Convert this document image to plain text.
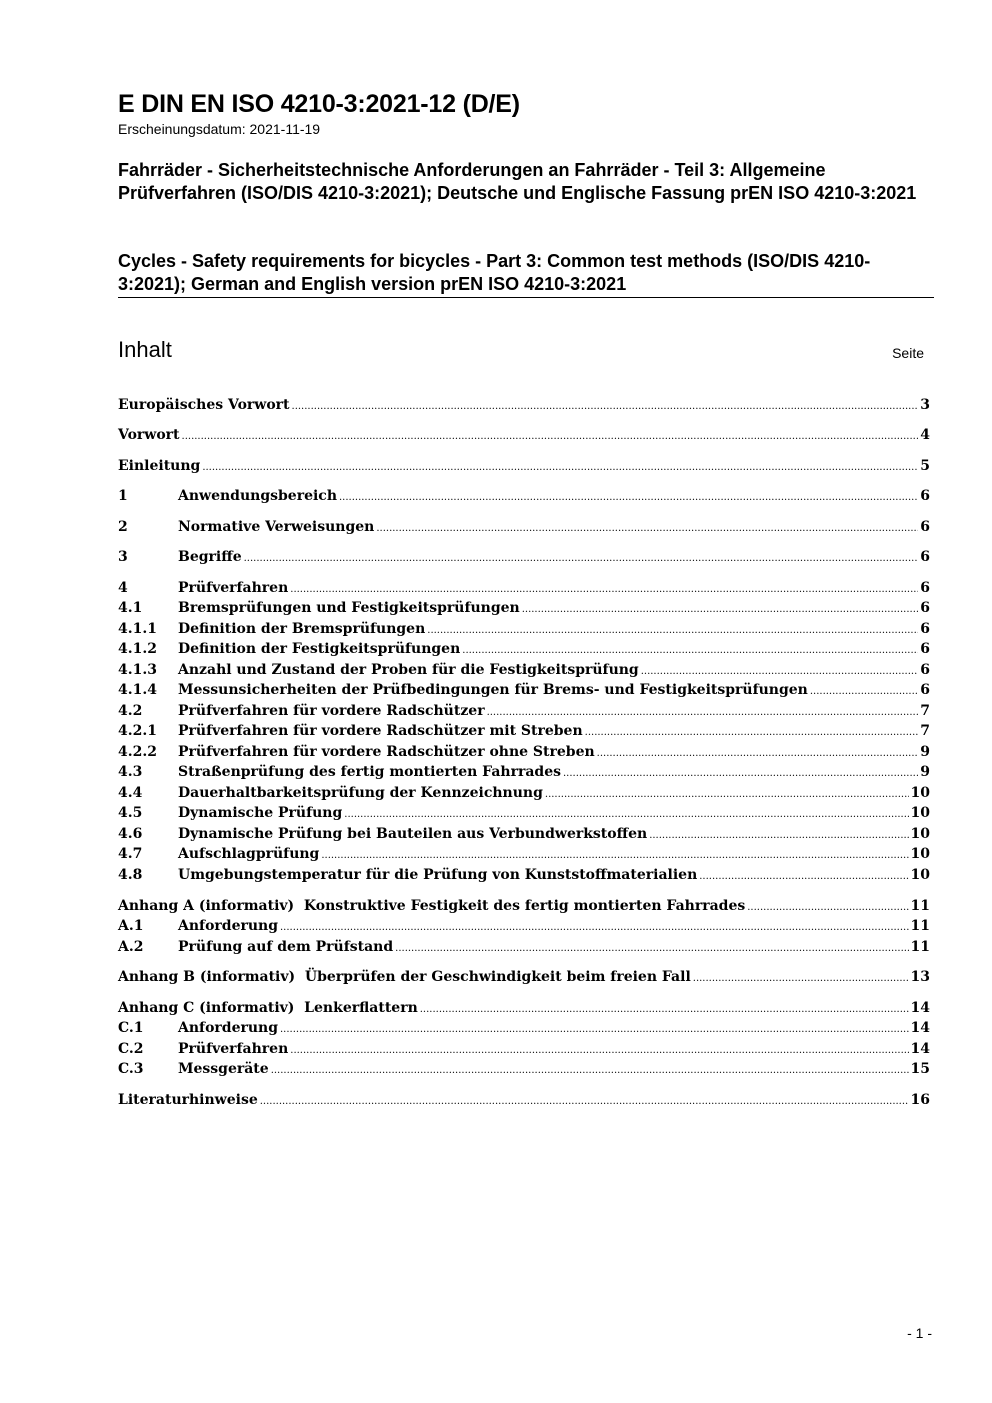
E DIN EN ISO 4210-3:2021-12 (D/E)
Erscheinungsdatum: 2021-11-19
Fahrräder - Sicherheitstechnische Anforderungen an Fahrräder - Teil 3: Allgemeine Prüfverfahren (ISO/DIS 4210-3:2021); Deutsche und Englische Fassung prEN ISO 4210-3:2021
Cycles - Safety requirements for bicycles - Part 3: Common test methods (ISO/DIS 4210-3:2021); German and English version prEN ISO 4210-3:2021
Inhalt	Seite
Europäisches Vorwort .....	3
Vorwort .....	4
Einleitung .....	5
1	Anwendungsbereich .....	6
2	Normative Verweisungen .....	6
3	Begriffe .....	6
4	Prüfverfahren .....	6
4.1	Bremsprüfungen und Festigkeitsprüfungen .....	6
4.1.1	Definition der Bremsprüfungen .....	6
4.1.2	Definition der Festigkeitsprüfungen .....	6
4.1.3	Anzahl und Zustand der Proben für die Festigkeitsprüfung .....	6
4.1.4	Messunsicherheiten der Prüfbedingungen für Brems- und Festigkeitsprüfungen .....	6
4.2	Prüfverfahren für vordere Radschützer .....	7
4.2.1	Prüfverfahren für vordere Radschützer mit Streben .....	7
4.2.2	Prüfverfahren für vordere Radschützer ohne Streben .....	9
4.3	Straßenprüfung des fertig montierten Fahrrades .....	9
4.4	Dauerhaltbarkeitsprüfung der Kennzeichnung .....	10
4.5	Dynamische Prüfung .....	10
4.6	Dynamische Prüfung bei Bauteilen aus Verbundwerkstoffen .....	10
4.7	Aufschlagprüfung .....	10
4.8	Umgebungstemperatur für die Prüfung von Kunststoffmaterialien .....	10
Anhang A (informativ)  Konstruktive Festigkeit des fertig montierten Fahrrades .....	11
A.1	Anforderung .....	11
A.2	Prüfung auf dem Prüfstand .....	11
Anhang B (informativ)  Überprüfen der Geschwindigkeit beim freien Fall .....	13
Anhang C (informativ)  Lenkerflattern .....	14
C.1	Anforderung .....	14
C.2	Prüfverfahren .....	14
C.3	Messgeräte .....	15
Literaturhinweise .....	16
- 1 -
